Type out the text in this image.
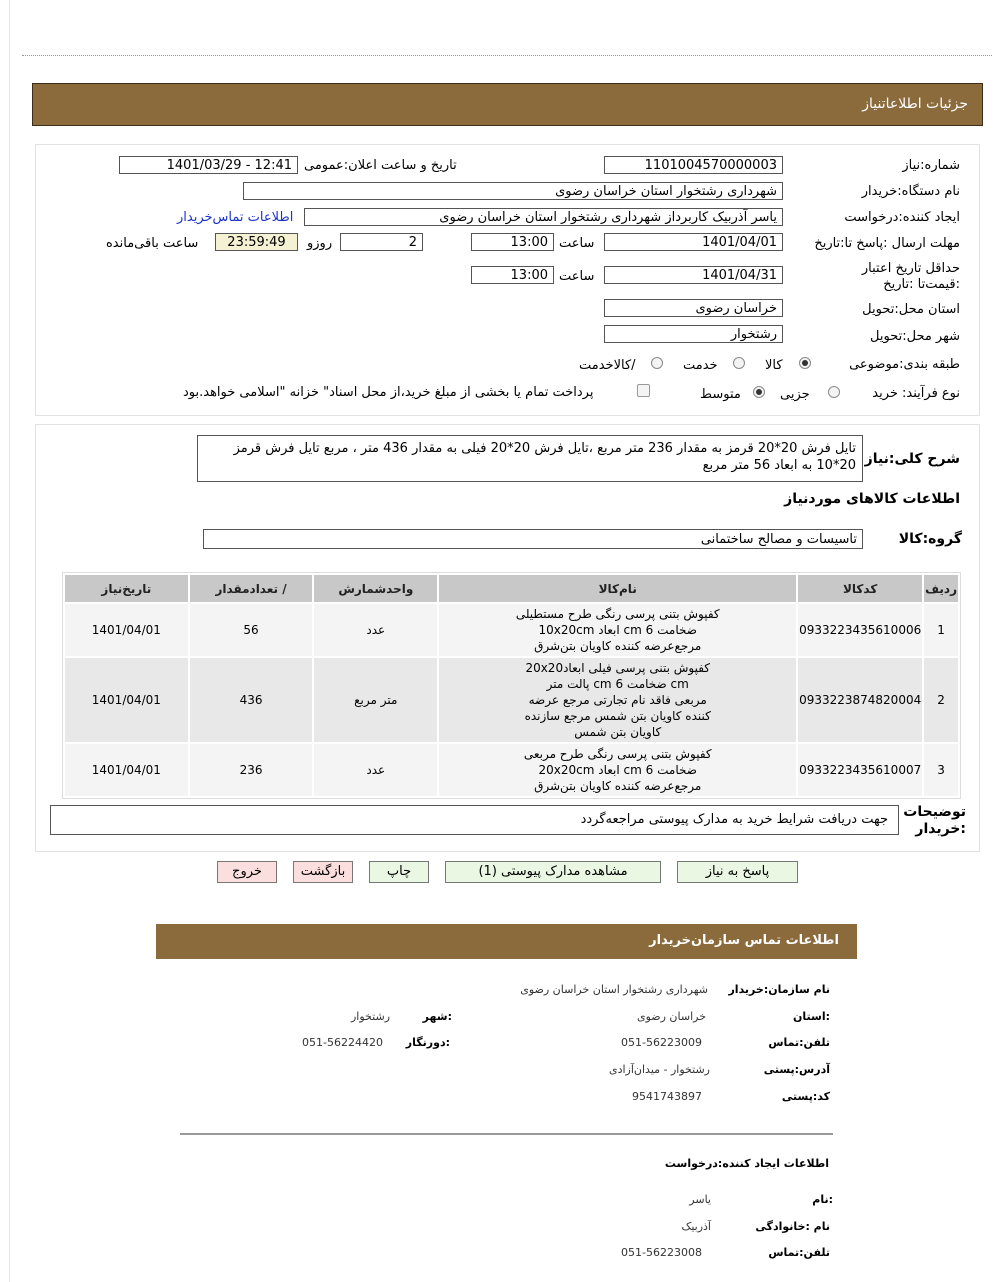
جزئیات اطلاعاتنیاز
شماره:نیاز
1101004570000003
تاریخ و ساعت اعلان:عمومی
1401/03/29 - 12:41
نام دستگاه:خریدار
شهرداری رشتخوار استان خراسان رضوی
ایجاد کننده:درخواست
یاسر آذربیک کاربرداز شهرداری رشتخوار استان خراسان رضوی
اطلاعات تماس‌خریدار
مهلت ارسال :پاسخ تا:تاریخ
1401/04/01
ساعت
13:00
2
روزو
23:59:49
ساعت باقی‌مانده
حداقل تاریخ اعتبار :قیمت‌تا :تاریخ
1401/04/31
ساعت
13:00
استان محل:تحویل
خراسان رضوی
شهر محل:تحویل
رشتخوار
طبقه بندی:موضوعی
کالا
خدمت
/کالاخدمت
نوع فرآیند: خرید
جزیی
متوسط
پرداخت تمام یا بخشی از مبلغ خرید،از محل اسناد" خزانه "اسلامی خواهد.بود
شرح کلی:نیاز
تایل فرش 20*20 قرمز به مقدار 236 متر مربع ،تایل فرش 20*20 فیلی به مقدار 436 متر ، مربع تایل فرش قرمز 20*10 به ابعاد 56 متر مربع
اطلاعات کالاهای موردنیاز
گروه:کالا
تاسیسات و مصالح ساختمانی
ردیف	کدکالا	نام‌کالا	واحدشمارش	/ تعدادمقدار	تاریخ‌نیاز
1	0933223435610006	کفپوش بتنی پرسی رنگی طرح مستطیلی
ضخامت 6 cm ابعاد 10x20cm
مرجع‌عرضه کننده کاویان بتن‌شرق	عدد	56	1401/04/01
2	0933223874820004	کفپوش بتنی پرسی فیلی ابعاد20x20
cm ضخامت 6 cm پالت متر
مربعی فاقد نام تجارتی مرجع عرضه
کننده کاویان بتن شمس مرجع سازنده
کاویان بتن شمس	متر مربع	436	1401/04/01
3	0933223435610007	کفپوش بتنی پرسی رنگی طرح مربعی
ضخامت 6 cm ابعاد 20x20cm
مرجع‌عرضه کننده کاویان بتن‌شرق	عدد	236	1401/04/01
توضیحات :خریدار
جهت دریافت شرایط خرید به مدارک پیوستی مراجعه‌گردد
پاسخ به نیاز
مشاهده مدارک پیوستی (1)
چاپ
بازگشت
خروج
اطلاعات تماس سازمان‌خریدار
نام سازمان:خریدار
شهرداری رشتخوار استان خراسان رضوی
:استان
خراسان رضوی
:شهر
رشتخوار
تلفن:تماس
051-56223009
:دورنگار
051-56224420
آدرس:پستی
رشتخوار - میدان‌آزادی
کد:پستی
9541743897
اطلاعات ایجاد کننده:درخواست
:نام
یاسر
نام :خانوادگی
آذربیک
تلفن:تماس
051-56223008
